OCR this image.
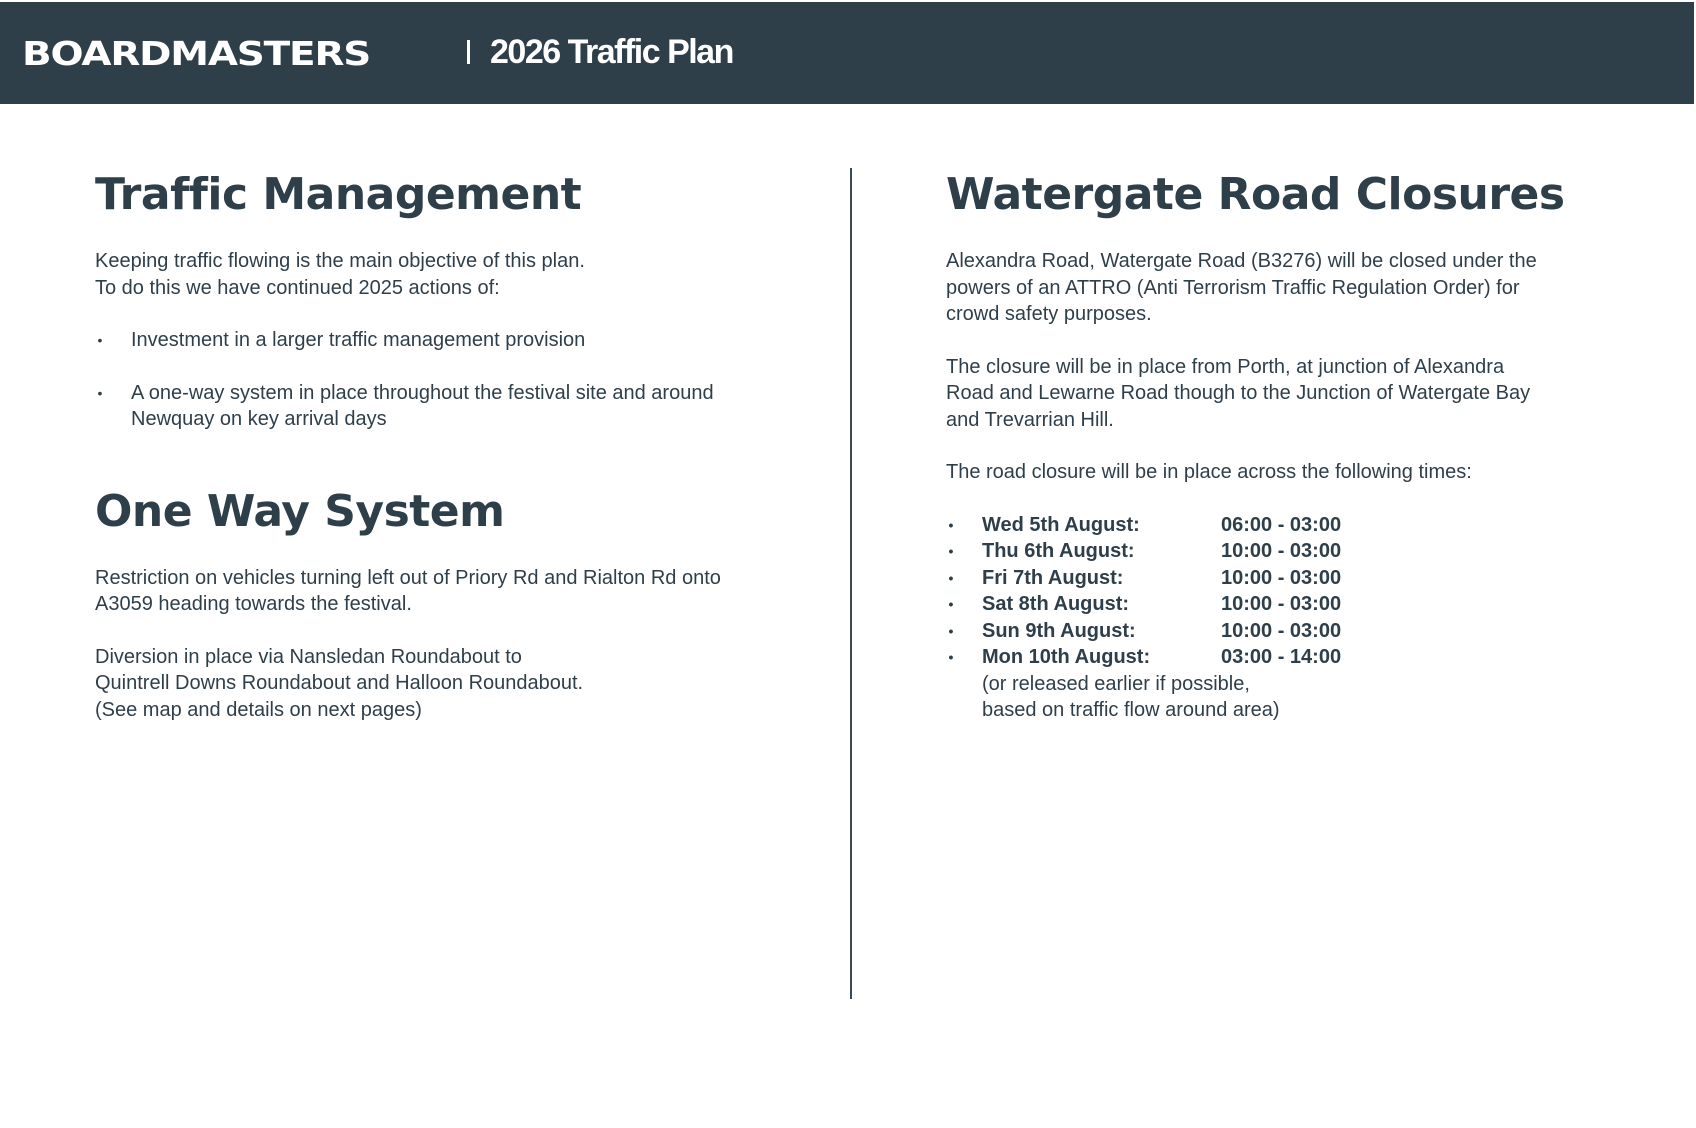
BOARDMASTERS	2026 Traffic Plan
Traffic Management

Keeping traffic flowing is the main objective of this plan.

To do this we have continued 2025 actions of:

• Investment in a larger traffic management provision
• A one-way system in place throughout the festival site and around
Newquay on key arrival days
One Way System

Restriction on vehicles turning left out of Priory Rd and Rialton Rd onto

A3059 heading towards the festival.

Diversion in place via Nansledan Roundabout to

Quintrell Downs Roundabout and Halloon Roundabout.

(See map and details on next pages)

Watergate Road Closures

Alexandra Road, Watergate Road (B3276) will be closed under the

powers of an ATTRO (Anti Terrorism Traffic Regulation Order) for

crowd safety purposes.

The closure will be in place from Porth, at junction of Alexandra

Road and Lewarne Road though to the Junction of Watergate Bay

and Trevarrian Hill.

The road closure will be in place across the following times:

• Wed 5th August:	06:00 - 03:00
• Thu 6th August:	10:00 - 03:00
• Fri 7th August:	10:00 - 03:00
• Sat 8th August:	10:00 - 03:00
• Sun 9th August:	10:00 - 03:00
• Mon 10th August:	03:00 - 14:00
(or released earlier if possible,
based on traffic flow around area)
